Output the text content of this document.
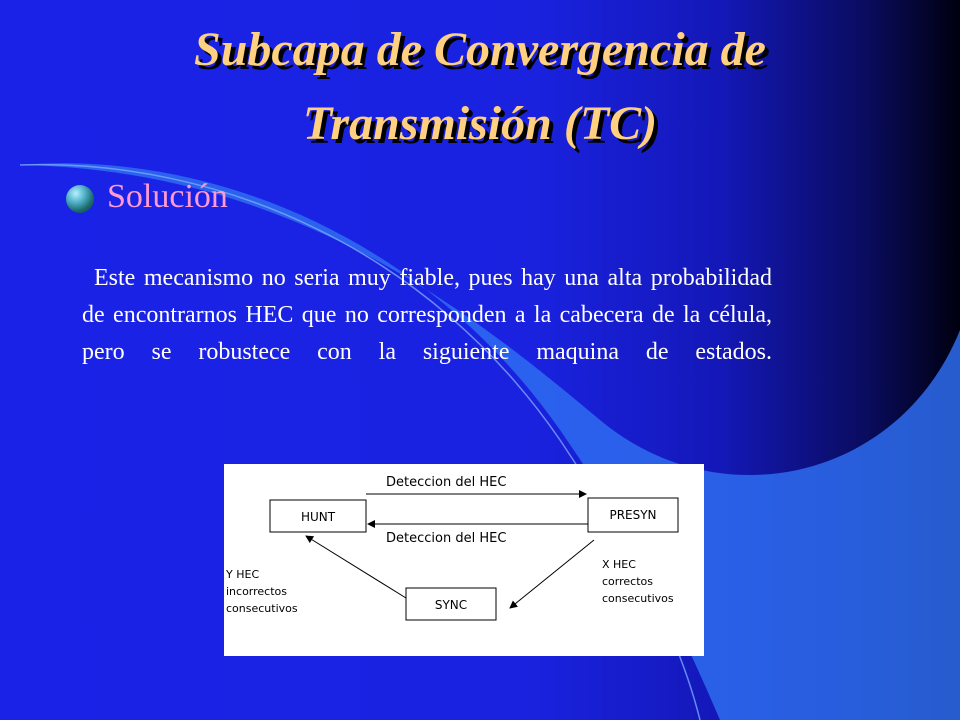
Subcapa de Convergencia de
Transmisión (TC)
Solución
Este mecanismo no seria muy fiable, pues hay una alta probabilidad de encontrarnos HEC que no corresponden a la cabecera de la célula, pero se robustece con la siguiente maquina de estados.
HUNT	PRESYN
SYNC
Deteccion del HEC
Deteccion del HEC
X HEC correctos consecutivos
Y HEC incorrectos consecutivos
